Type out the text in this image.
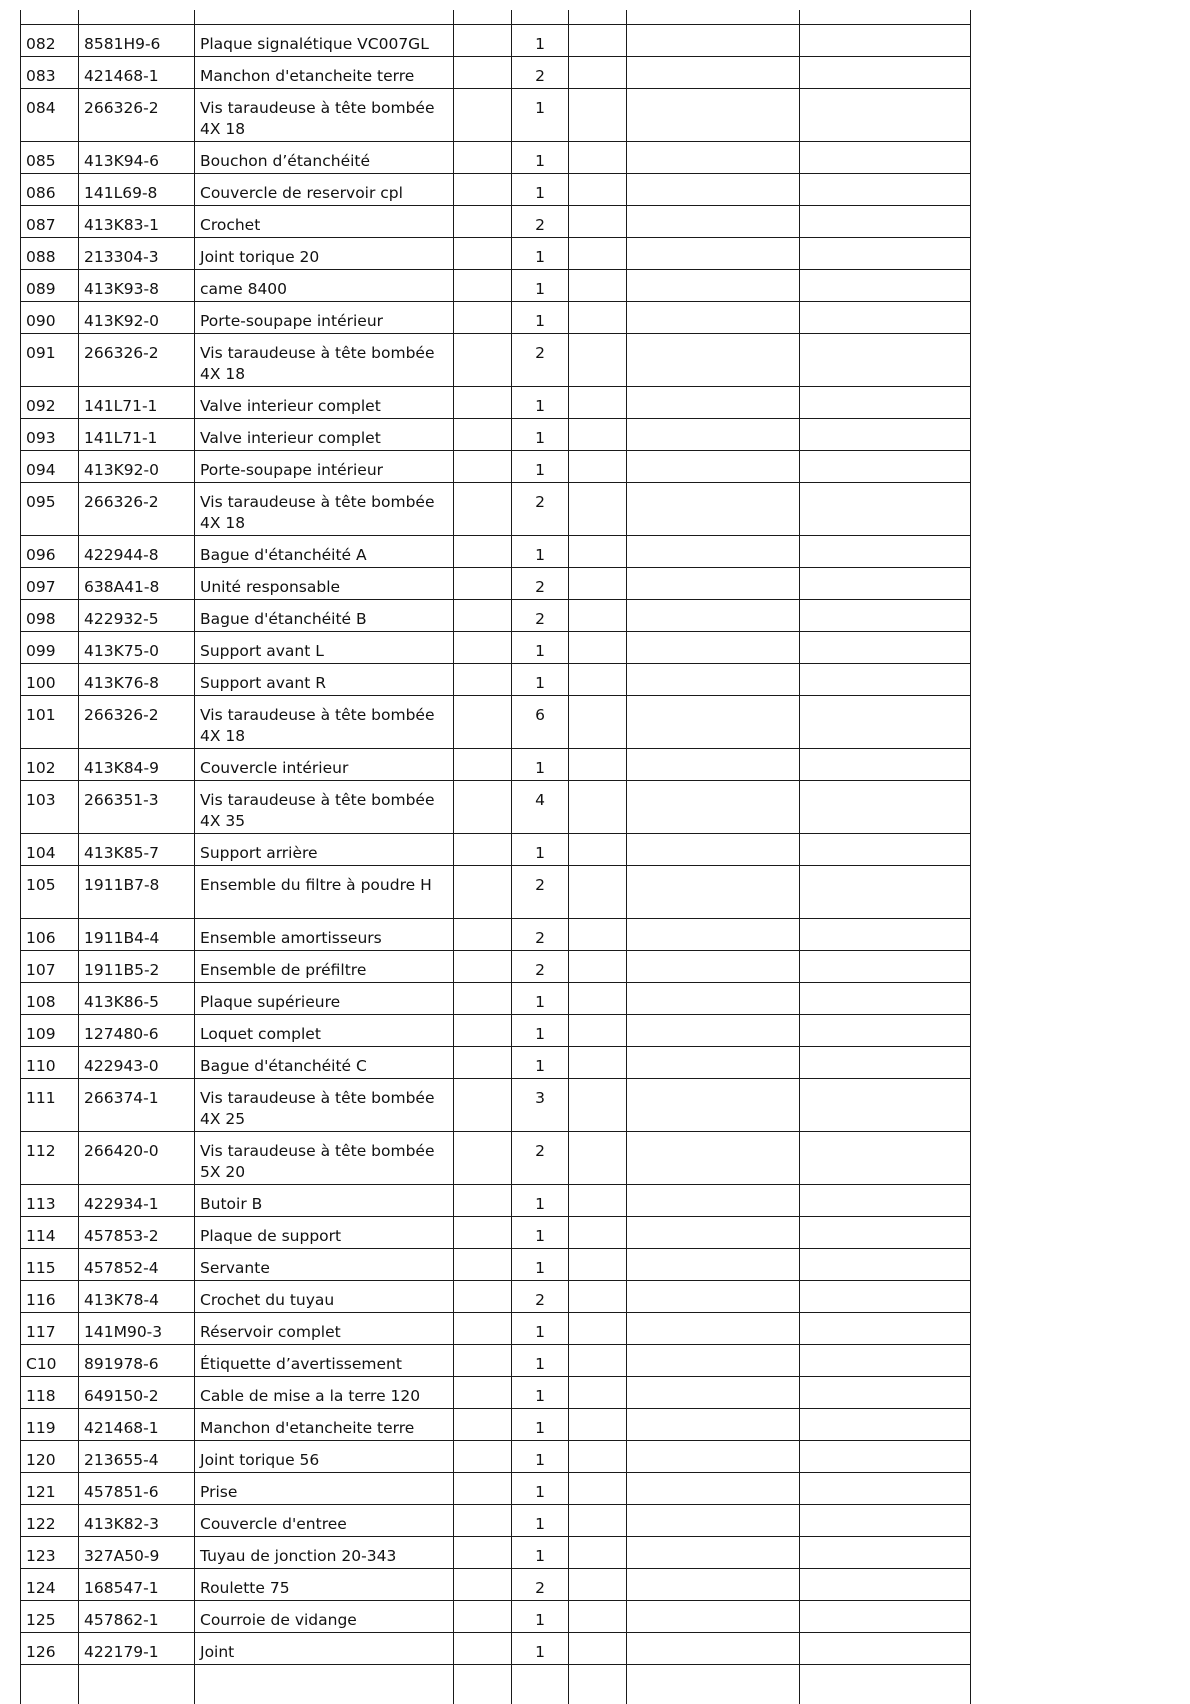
082	8581H9-6	Plaque signalétique VC007GL		1			
083	421468-1	Manchon d'etancheite terre		2			
084	266326-2	Vis taraudeuse à tête bombée 4X 18		1			
085	413K94-6	Bouchon d’étanchéité		1			
086	141L69-8	Couvercle de reservoir cpl		1			
087	413K83-1	Crochet		2			
088	213304-3	Joint torique 20		1			
089	413K93-8	came 8400		1			
090	413K92-0	Porte-soupape intérieur		1			
091	266326-2	Vis taraudeuse à tête bombée 4X 18		2			
092	141L71-1	Valve interieur complet		1			
093	141L71-1	Valve interieur complet		1			
094	413K92-0	Porte-soupape intérieur		1			
095	266326-2	Vis taraudeuse à tête bombée 4X 18		2			
096	422944-8	Bague d'étanchéité A		1			
097	638A41-8	Unité responsable		2			
098	422932-5	Bague d'étanchéité B		2			
099	413K75-0	Support avant L		1			
100	413K76-8	Support avant R		1			
101	266326-2	Vis taraudeuse à tête bombée 4X 18		6			
102	413K84-9	Couvercle intérieur		1			
103	266351-3	Vis taraudeuse à tête bombée 4X 35		4			
104	413K85-7	Support arrière		1			
105	1911B7-8	Ensemble du filtre à poudre H		2			
106	1911B4-4	Ensemble amortisseurs		2			
107	1911B5-2	Ensemble de préfiltre		2			
108	413K86-5	Plaque supérieure		1			
109	127480-6	Loquet complet		1			
110	422943-0	Bague d'étanchéité C		1			
111	266374-1	Vis taraudeuse à tête bombée 4X 25		3			
112	266420-0	Vis taraudeuse à tête bombée 5X 20		2			
113	422934-1	Butoir B		1			
114	457853-2	Plaque de support		1			
115	457852-4	Servante		1			
116	413K78-4	Crochet du tuyau		2			
117	141M90-3	Réservoir complet		1			
C10	891978-6	Étiquette d’avertissement		1			
118	649150-2	Cable de mise a la terre 120		1			
119	421468-1	Manchon d'etancheite terre		1			
120	213655-4	Joint torique 56		1			
121	457851-6	Prise		1			
122	413K82-3	Couvercle d'entree		1			
123	327A50-9	Tuyau de jonction 20-343		1			
124	168547-1	Roulette 75		2			
125	457862-1	Courroie de vidange		1			
126	422179-1	Joint		1			
